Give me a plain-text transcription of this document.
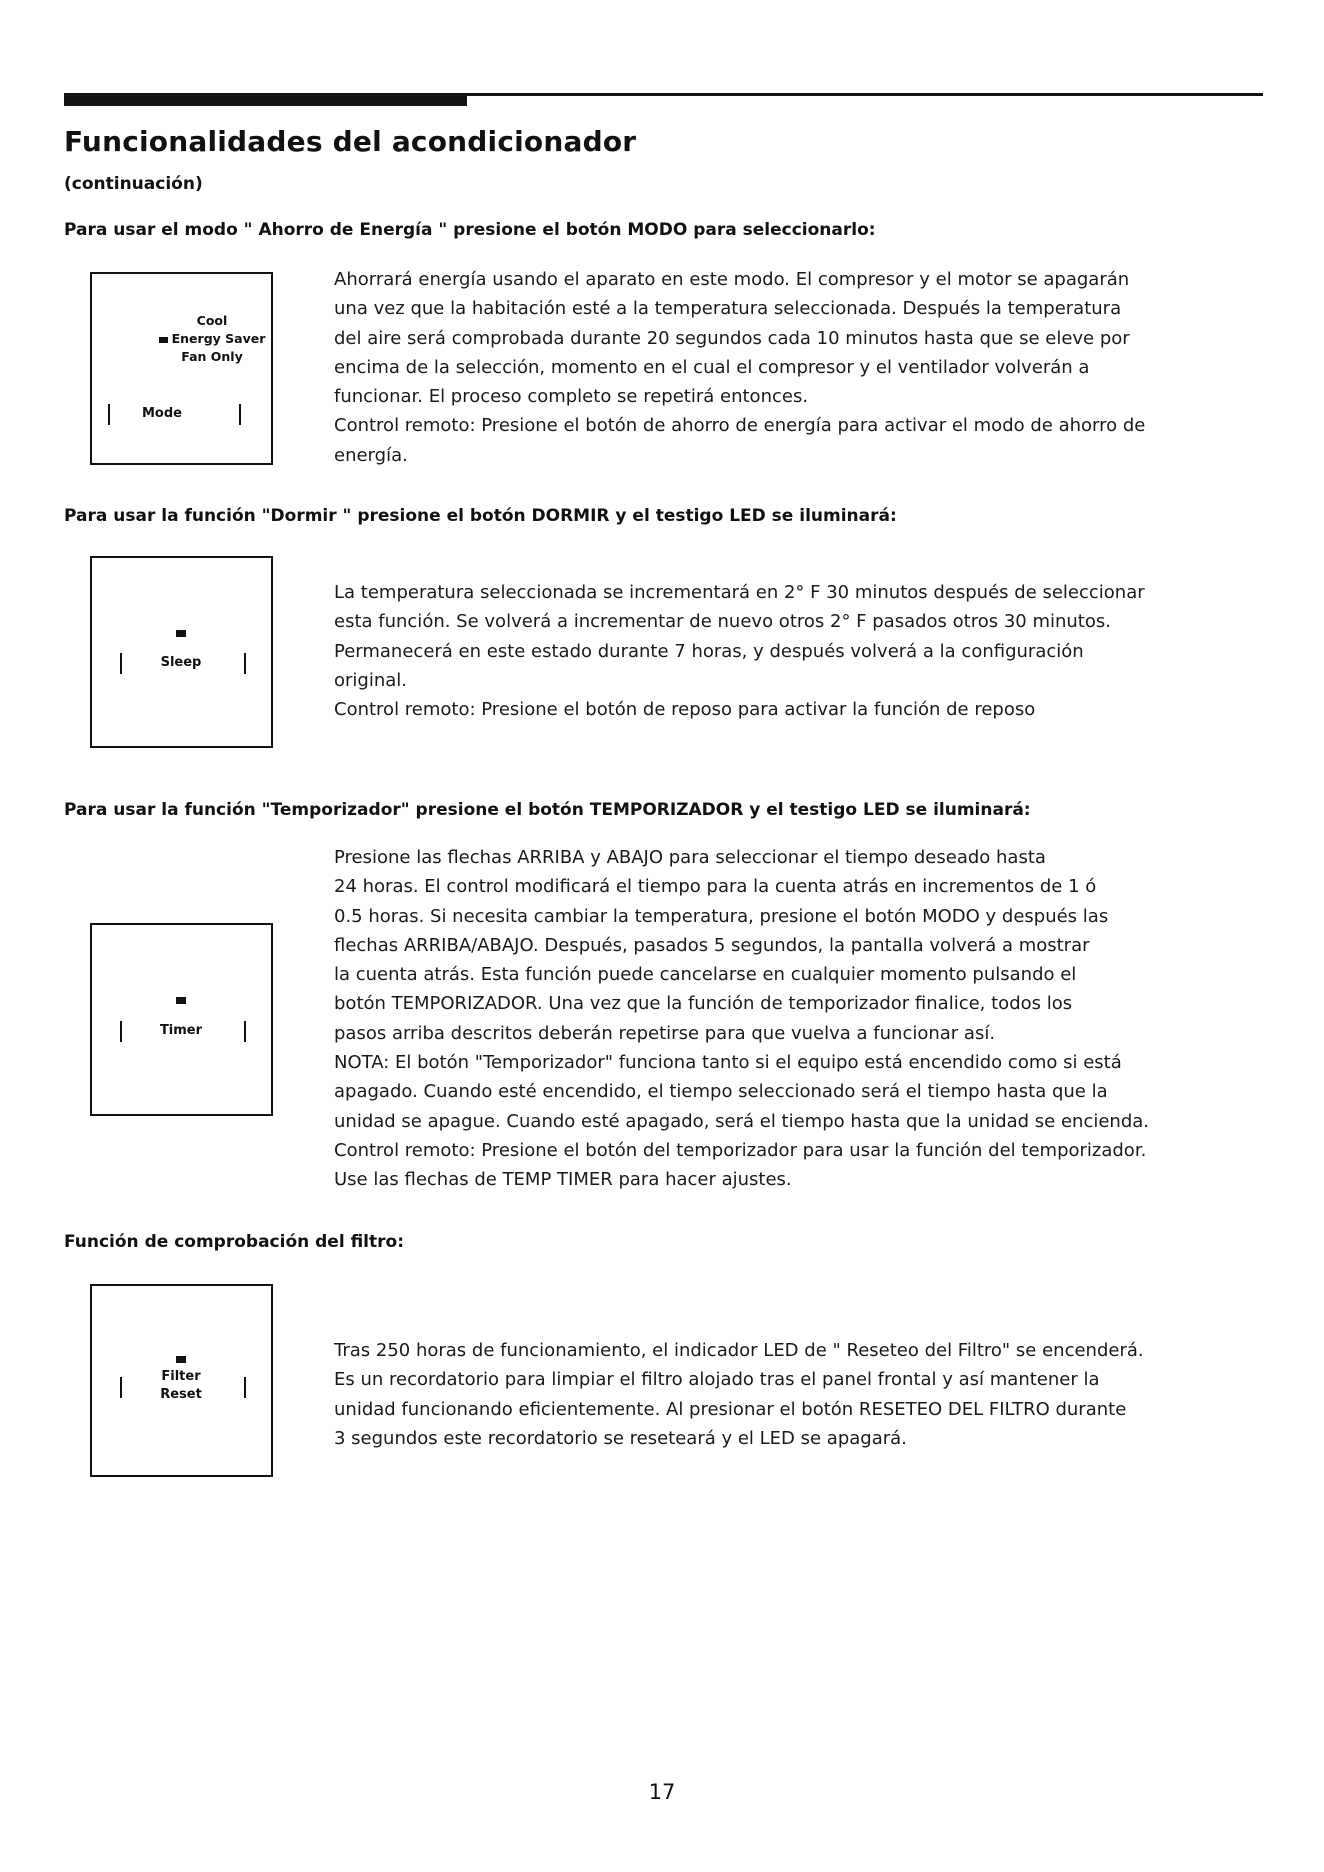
Funcionalidades del acondicionador
(continuación)
Para usar el modo " Ahorro de Energía " presione el botón MODO para seleccionarlo:
Cool
Energy Saver
Fan Only
Mode

Ahorrará energía usando el aparato en este modo. El compresor y el motor se apagarán
una vez que la habitación esté a la temperatura seleccionada. Después la temperatura
del aire será comprobada durante 20 segundos cada 10 minutos hasta que se eleve por
encima de la selección, momento en el cual el compresor y el ventilador volverán a
funcionar. El proceso completo se repetirá entonces.
Control remoto: Presione el botón de ahorro de energía para activar el modo de ahorro de
energía.

Para usar la función "Dormir " presione el botón DORMIR y el testigo LED se iluminará:
Sleep

La temperatura seleccionada se incrementará en 2° F 30 minutos después de seleccionar
esta función. Se volverá a incrementar de nuevo otros 2° F pasados otros 30 minutos.
Permanecerá en este estado durante 7 horas, y después volverá a la configuración
original.
Control remoto: Presione el botón de reposo para activar la función de reposo

Para usar la función "Temporizador" presione el botón TEMPORIZADOR y el testigo LED se iluminará:
Timer

Presione las flechas ARRIBA y ABAJO para seleccionar el tiempo deseado hasta
24 horas. El control modificará el tiempo para la cuenta atrás en incrementos de 1 ó
0.5 horas. Si necesita cambiar la temperatura, presione el botón MODO y después las
flechas ARRIBA/ABAJO. Después, pasados 5 segundos, la pantalla volverá a mostrar
la cuenta atrás. Esta función puede cancelarse en cualquier momento pulsando el
botón TEMPORIZADOR. Una vez que la función de temporizador finalice, todos los
pasos arriba descritos deberán repetirse para que vuelva a funcionar así.
NOTA: El botón "Temporizador" funciona tanto si el equipo está encendido como si está
apagado. Cuando esté encendido, el tiempo seleccionado será el tiempo hasta que la
unidad se apague. Cuando esté apagado, será el tiempo hasta que la unidad se encienda.
Control remoto: Presione el botón del temporizador para usar la función del temporizador.
Use las flechas de TEMP TIMER para hacer ajustes.

Función de comprobación del filtro:
Filter
Reset

Tras 250 horas de funcionamiento, el indicador LED de " Reseteo del Filtro" se encenderá.
Es un recordatorio para limpiar el filtro alojado tras el panel frontal y así mantener la
unidad funcionando eficientemente. Al presionar el botón RESETEO DEL FILTRO durante
3 segundos este recordatorio se reseteará y el LED se apagará.

17
